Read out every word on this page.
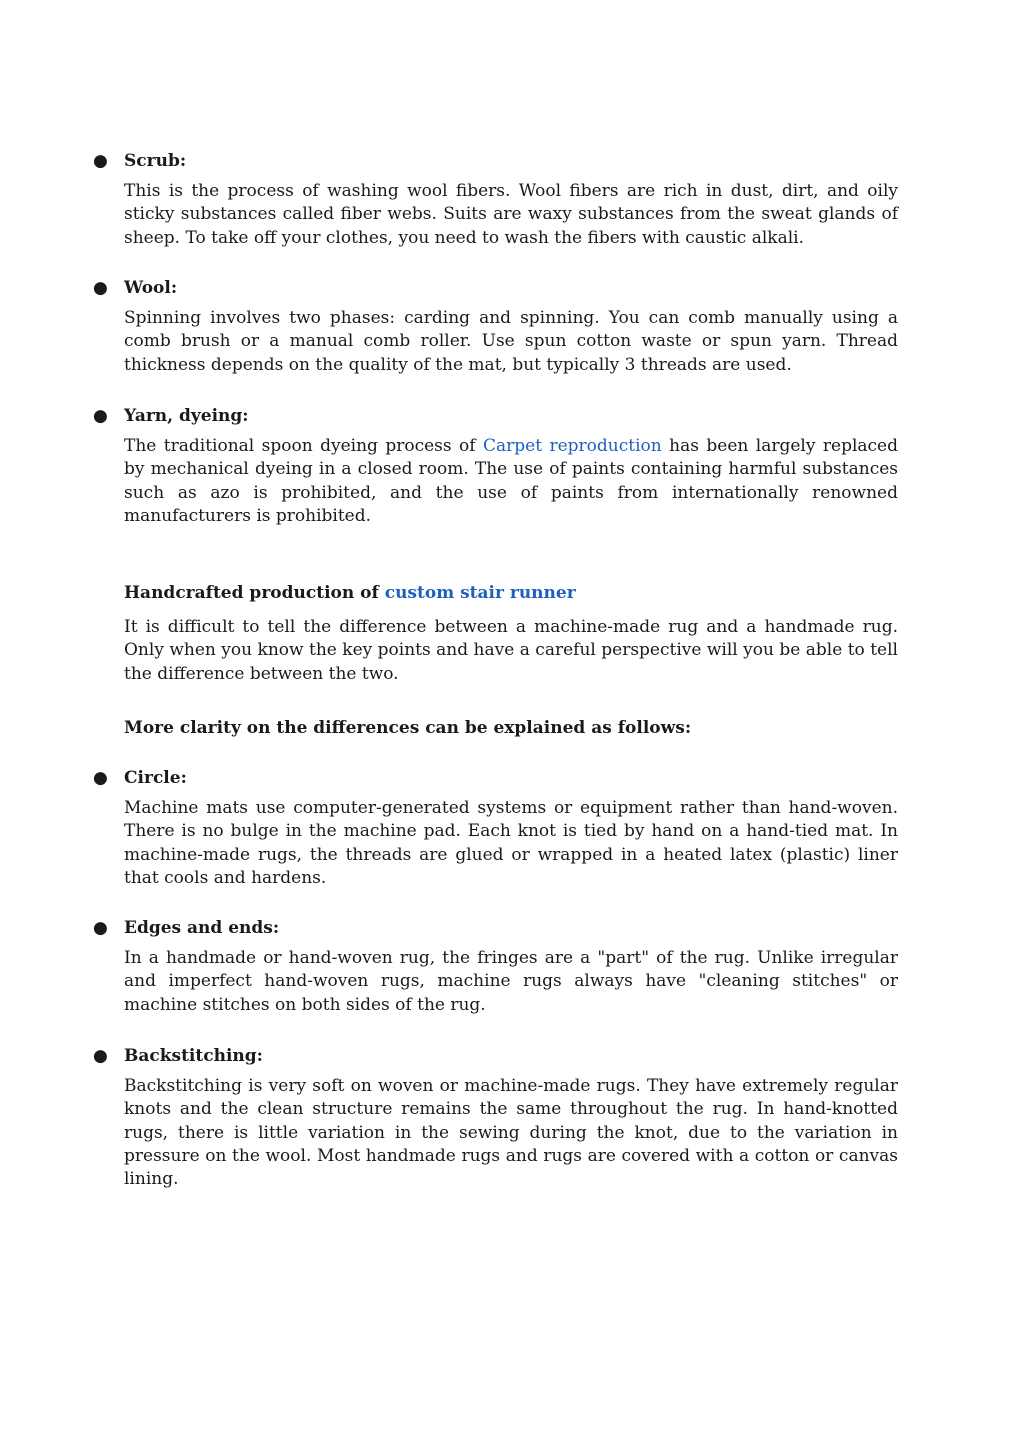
● Scrub:

This is the process of washing wool fibers. Wool fibers are rich in dust, dirt, and oily sticky substances called fiber webs. Suits are waxy substances from the sweat glands of sheep. To take off your clothes, you need to wash the fibers with caustic alkali.

● Wool:

Spinning involves two phases: carding and spinning. You can comb manually using a comb brush or a manual comb roller. Use spun cotton waste or spun yarn. Thread thickness depends on the quality of the mat, but typically 3 threads are used.

● Yarn, dyeing:

The traditional spoon dyeing process of Carpet reproduction has been largely replaced by mechanical dyeing in a closed room. The use of paints containing harmful substances such as azo is prohibited, and the use of paints from internationally renowned manufacturers is prohibited.

Handcrafted production of custom stair runner

It is difficult to tell the difference between a machine-made rug and a handmade rug. Only when you know the key points and have a careful perspective will you be able to tell the difference between the two.

More clarity on the differences can be explained as follows:
● Circle:

Machine mats use computer-generated systems or equipment rather than hand-woven. There is no bulge in the machine pad. Each knot is tied by hand on a hand-tied mat. In machine-made rugs, the threads are glued or wrapped in a heated latex (plastic) liner that cools and hardens.

● Edges and ends:

In a handmade or hand-woven rug, the fringes are a "part" of the rug. Unlike irregular and imperfect hand-woven rugs, machine rugs always have "cleaning stitches" or machine stitches on both sides of the rug.

● Backstitching:

Backstitching is very soft on woven or machine-made rugs. They have extremely regular knots and the clean structure remains the same throughout the rug. In hand-knotted rugs, there is little variation in the sewing during the knot, due to the variation in pressure on the wool. Most handmade rugs and rugs are covered with a cotton or canvas lining.
